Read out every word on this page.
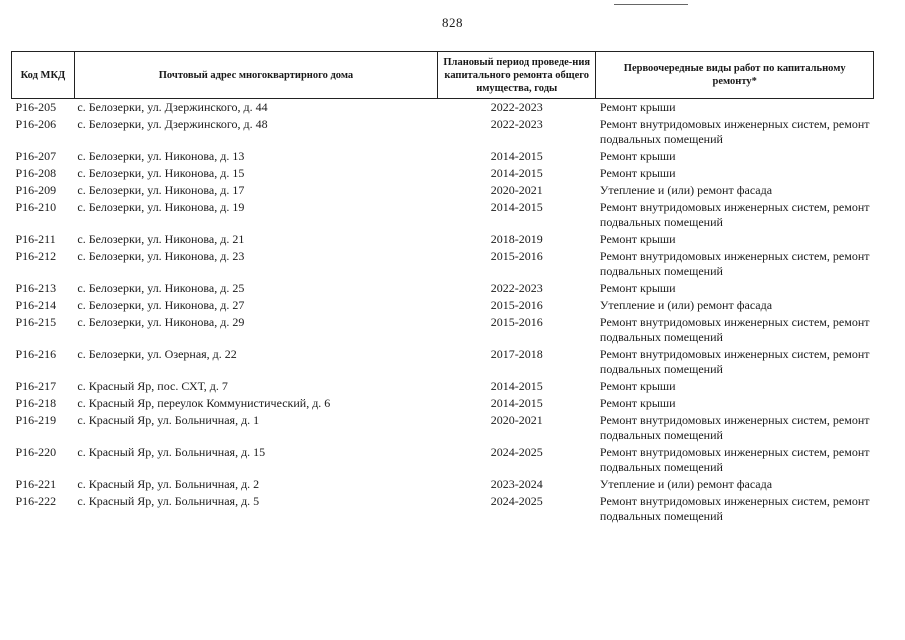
828
Код МКД	Почтовый адрес многоквартирного дома	Плановый период проведе-ния капитального ремонта общего имущества, годы	Первоочередные виды работ по капитальному ремонту*
P16-205	с. Белозерки, ул. Дзержинского, д. 44	2022-2023	Ремонт крыши
P16-206	с. Белозерки, ул. Дзержинского, д. 48	2022-2023	Ремонт внутридомовых инженерных систем, ремонт подвальных помещений
P16-207	с. Белозерки, ул. Никонова, д. 13	2014-2015	Ремонт крыши
P16-208	с. Белозерки, ул. Никонова, д. 15	2014-2015	Ремонт крыши
P16-209	с. Белозерки, ул. Никонова, д. 17	2020-2021	Утепление и (или) ремонт фасада
P16-210	с. Белозерки, ул. Никонова, д. 19	2014-2015	Ремонт внутридомовых инженерных систем, ремонт подвальных помещений
P16-211	с. Белозерки, ул. Никонова, д. 21	2018-2019	Ремонт крыши
P16-212	с. Белозерки, ул. Никонова, д. 23	2015-2016	Ремонт внутридомовых инженерных систем, ремонт подвальных помещений
P16-213	с. Белозерки, ул. Никонова, д. 25	2022-2023	Ремонт крыши
P16-214	с. Белозерки, ул. Никонова, д. 27	2015-2016	Утепление и (или) ремонт фасада
P16-215	с. Белозерки, ул. Никонова, д. 29	2015-2016	Ремонт внутридомовых инженерных систем, ремонт подвальных помещений
P16-216	с. Белозерки, ул. Озерная, д. 22	2017-2018	Ремонт внутридомовых инженерных систем, ремонт подвальных помещений
P16-217	с. Красный Яр, пос. СХТ, д. 7	2014-2015	Ремонт крыши
P16-218	с. Красный Яр, переулок Коммунистический, д. 6	2014-2015	Ремонт крыши
P16-219	с. Красный Яр, ул. Больничная, д. 1	2020-2021	Ремонт внутридомовых инженерных систем, ремонт подвальных помещений
P16-220	с. Красный Яр, ул. Больничная, д. 15	2024-2025	Ремонт внутридомовых инженерных систем, ремонт подвальных помещений
P16-221	с. Красный Яр, ул. Больничная, д. 2	2023-2024	Утепление и (или) ремонт фасада
P16-222	с. Красный Яр, ул. Больничная, д. 5	2024-2025	Ремонт внутридомовых инженерных систем, ремонт подвальных помещений
